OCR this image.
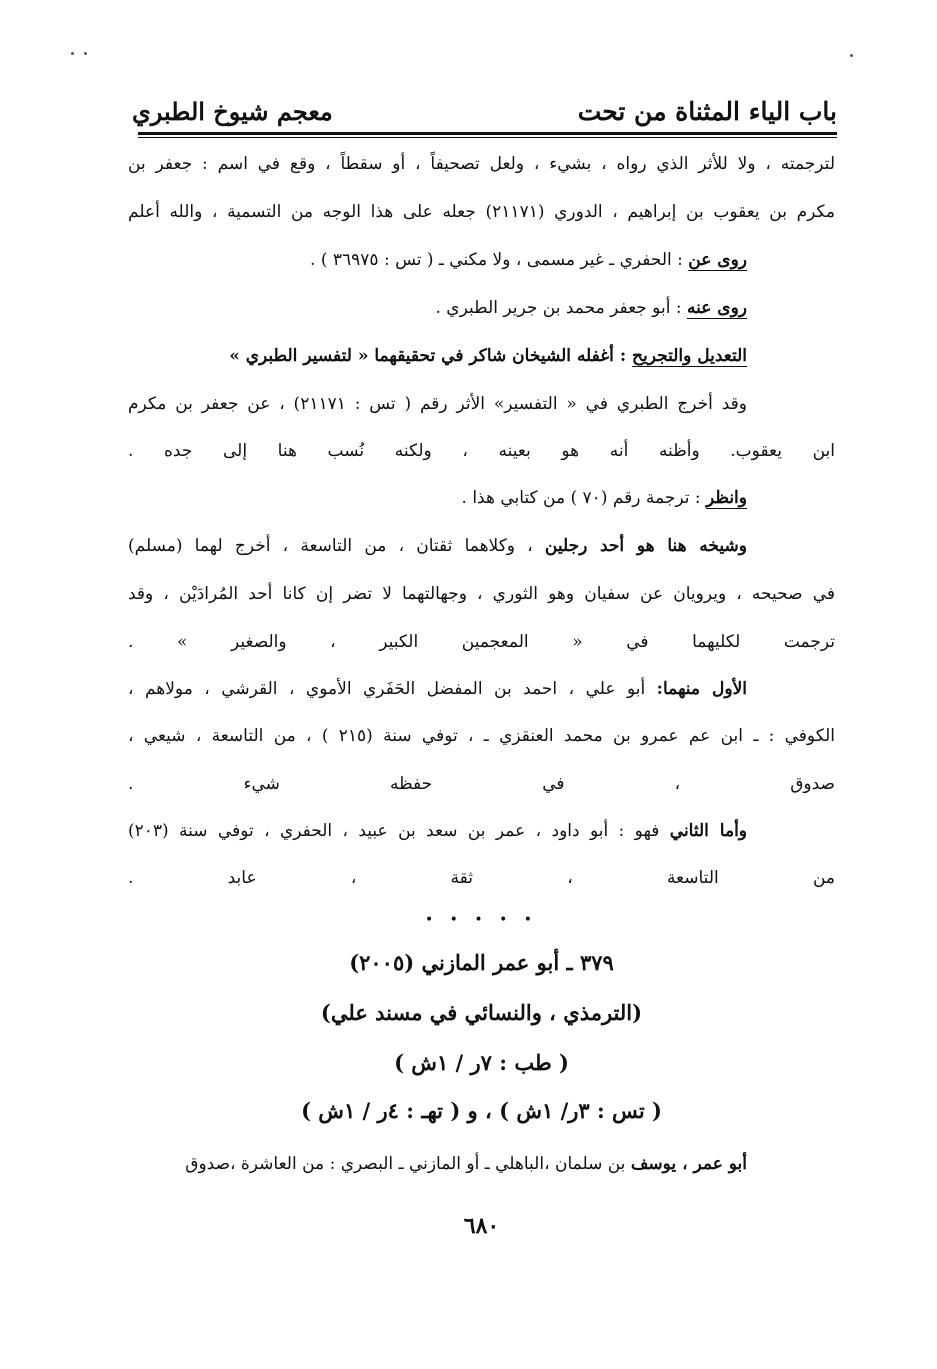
باب الياء المثناة من تحت
معجم شيوخ الطبري
لترجمته ، ولا للأثر الذي رواه ، بشيء ، ولعل تصحيفاً ، أو سقطاً ، وقع في اسم : جعفر بن
مكرم بن يعقوب بن إبراهيم ، الدوري (٢١١٧١) جعله على هذا الوجه من التسمية ، والله أعلم
روى عن : الحفري ـ غير مسمى ، ولا مكني ـ ( تس : ٣٦٩٧٥ ) .
روى عنه : أبو جعفر محمد بن جرير الطبري .
التعديل والتجريح : أغفله الشيخان شاكر في تحقيقهما « لتفسير الطبري »
وقد أخرج الطبري في « التفسير» الأثر رقم ( تس : ٢١١٧١) ، عن جعفر بن مكرم
ابن يعقوب. وأظنه أنه هو بعينه ، ولكنه نُسب هنا إلى جده .
وانظر : ترجمة رقم (٧٠ ) من كتابي هذا .
وشيخه هنا هو أحد رجلين ، وكلاهما ثقتان ، من التاسعة ، أخرج لهما (مسلم)
في صحيحه ، ويرويان عن سفيان وهو الثوري ، وجهالتهما لا تضر إن كانا أحد المُرادَيْن ، وقد
ترجمت لكليهما في « المعجمين الكبير ، والصغير » .
الأول منهما: أبو علي ، احمد بن المفضل الحَفَري الأموي ، القرشي ، مولاهم ،
الكوفي : ـ ابن عم عمرو بن محمد العنقزي ـ ، توفي سنة (٢١٥ ) ، من التاسعة ، شيعي ،
صدوق ، في حفظه شيء .
وأما الثاني فهو : أبو داود ، عمر بن سعد بن عبيد ، الحفري ، توفي سنة (٢٠٣)
من التاسعة ، ثقة ، عابد .
• • • • •
٣٧٩ ـ أبو عمر المازني (٢٠٠٥)
(الترمذي ، والنسائي في مسند علي)
( طب : ٧ر / ١ش )
( تس : ٣ر/ ١ش ) ، و ( تهـ : ٤ر / ١ش )
أبو عمر ، يوسف بن سلمان ،الباهلي ـ أو المازني ـ البصري : من العاشرة ،صدوق
٦٨٠
